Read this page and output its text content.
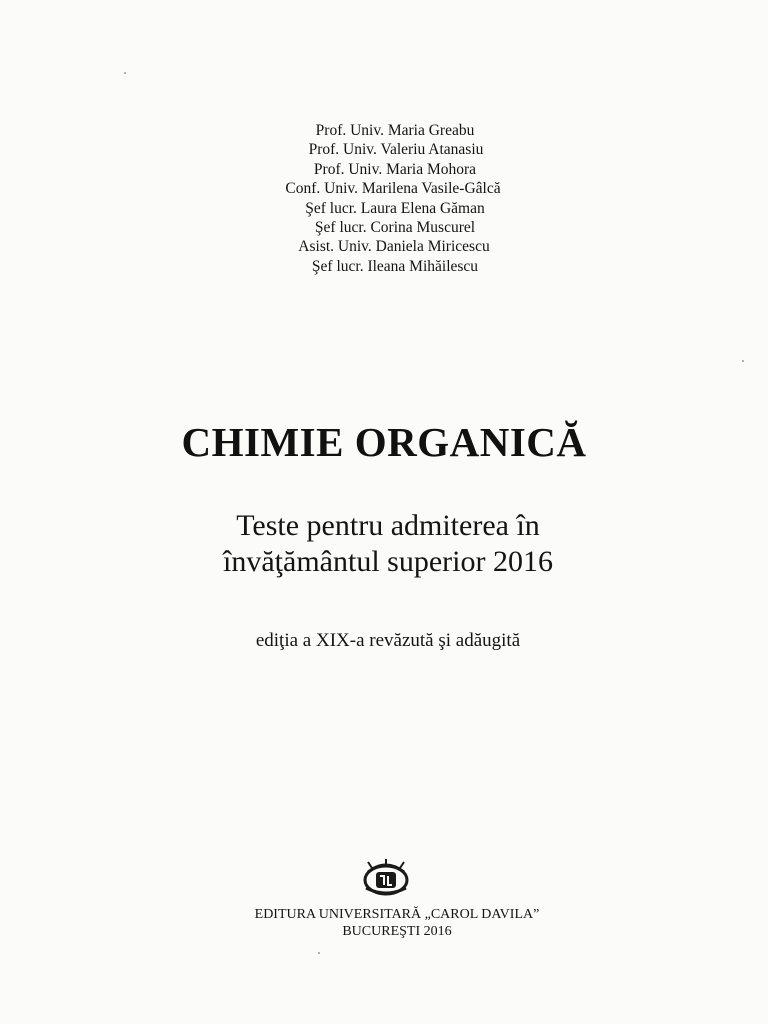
Prof. Univ. Maria Greabu
Prof. Univ. Valeriu Atanasiu
Prof. Univ. Maria Mohora
Conf. Univ. Marilena Vasile-Gâlcă
Şef lucr. Laura Elena Găman
Şef lucr. Corina Muscurel
Asist. Univ. Daniela Miricescu
Şef lucr. Ileana Mihăilescu
CHIMIE ORGANICĂ
Teste pentru admiterea în
învăţământul superior 2016
ediţia a XIX-a revăzută şi adăugită
EDITURA UNIVERSITARĂ „CAROL DAVILA”
BUCUREŞTI 2016
